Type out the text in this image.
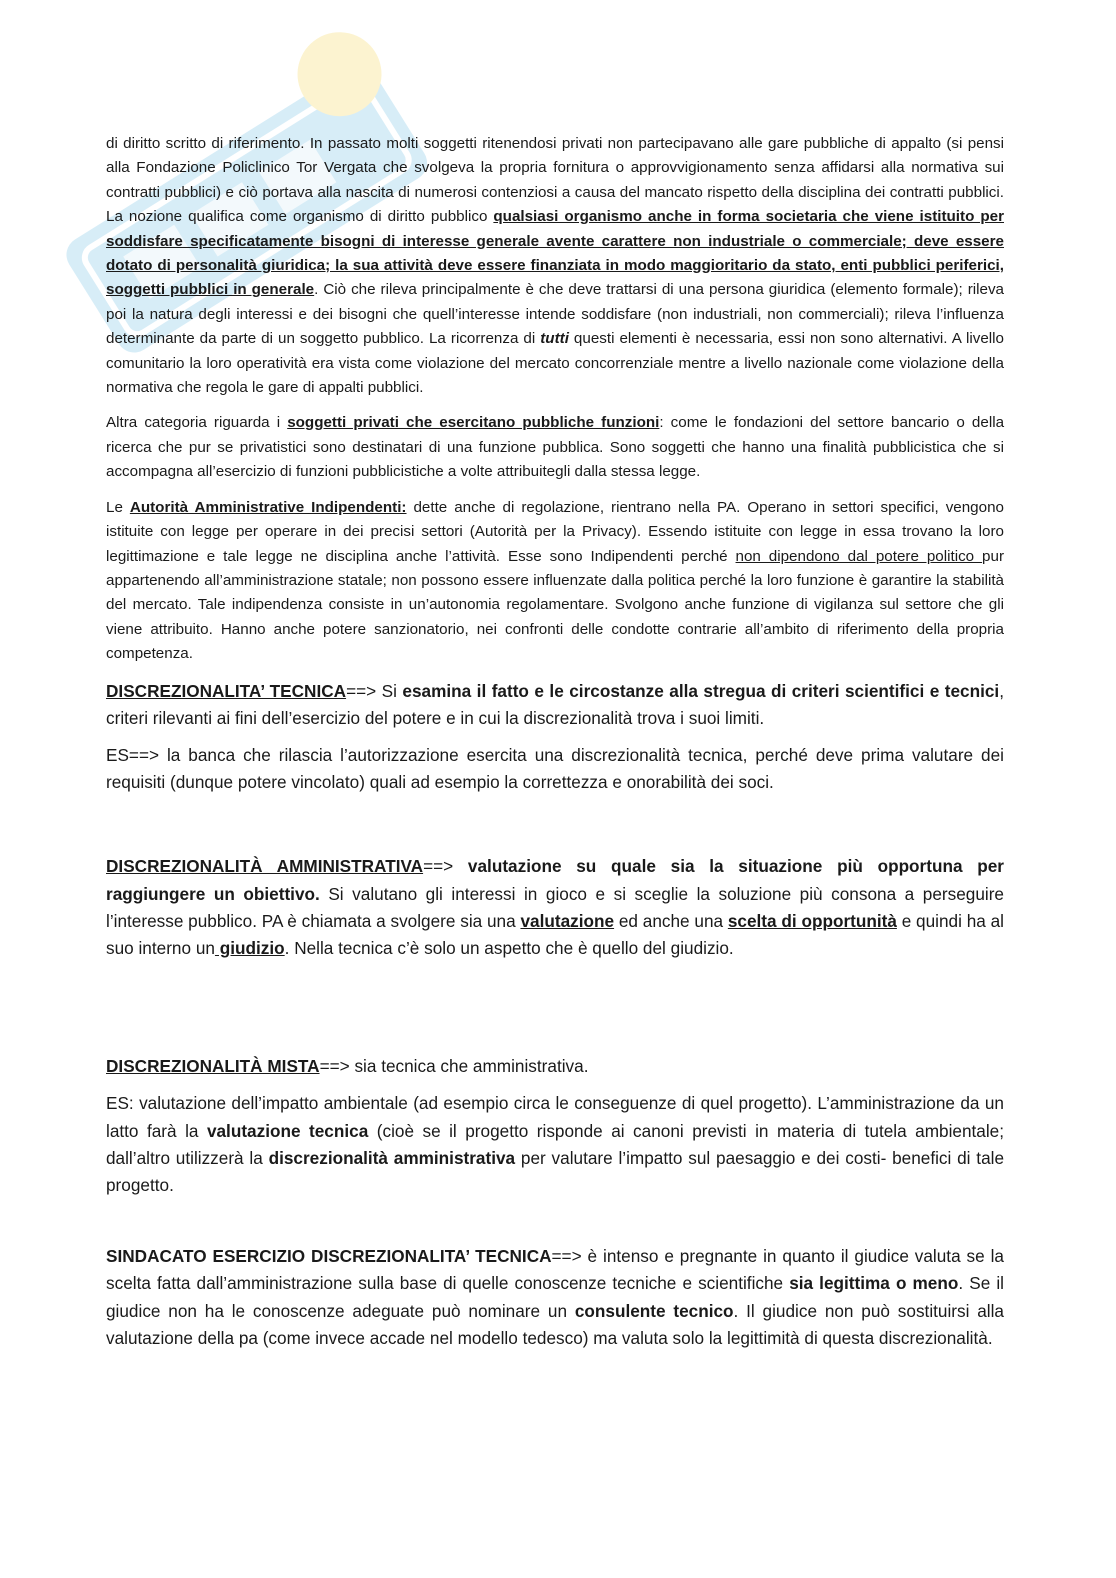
di diritto scritto di riferimento. In passato molti soggetti ritenendosi privati non partecipavano alle gare pubbliche di appalto (si pensi alla Fondazione Policlinico Tor Vergata che svolgeva la propria fornitura o approvvigionamento senza affidarsi alla normativa sui contratti pubblici) e ciò portava alla nascita di numerosi contenziosi a causa del mancato rispetto della disciplina dei contratti pubblici. La nozione qualifica come organismo di diritto pubblico qualsiasi organismo anche in forma societaria che viene istituito per soddisfare specificatamente bisogni di interesse generale avente carattere non industriale o commerciale; deve essere dotato di personalità giuridica; la sua attività deve essere finanziata in modo maggioritario da stato, enti pubblici periferici, soggetti pubblici in generale. Ciò che rileva principalmente è che deve trattarsi di una persona giuridica (elemento formale); rileva poi la natura degli interessi e dei bisogni che quell’interesse intende soddisfare (non industriali, non commerciali); rileva l’influenza determinante da parte di un soggetto pubblico. La ricorrenza di tutti questi elementi è necessaria, essi non sono alternativi. A livello comunitario la loro operatività era vista come violazione del mercato concorrenziale mentre a livello nazionale come violazione della normativa che regola le gare di appalti pubblici.

Altra categoria riguarda i soggetti privati che esercitano pubbliche funzioni: come le fondazioni del settore bancario o della ricerca che pur se privatistici sono destinatari di una funzione pubblica. Sono soggetti che hanno una finalità pubblicistica che si accompagna all’esercizio di funzioni pubblicistiche a volte attribuitegli dalla stessa legge.

Le Autorità Amministrative Indipendenti: dette anche di regolazione, rientrano nella PA. Operano in settori specifici, vengono istituite con legge per operare in dei precisi settori (Autorità per la Privacy). Essendo istituite con legge in essa trovano la loro legittimazione e tale legge ne disciplina anche l’attività. Esse sono Indipendenti perché non dipendono dal potere politico pur appartenendo all’amministrazione statale; non possono essere influenzate dalla politica perché la loro funzione è garantire la stabilità del mercato. Tale indipendenza consiste in un’autonomia regolamentare. Svolgono anche funzione di vigilanza sul settore che gli viene attribuito. Hanno anche potere sanzionatorio, nei confronti delle condotte contrarie all’ambito di riferimento della propria competenza.

DISCREZIONALITA’ TECNICA==> Si esamina il fatto e le circostanze alla stregua di criteri scientifici e tecnici, criteri rilevanti ai fini dell’esercizio del potere e in cui la discrezionalità trova i suoi limiti.

ES==> la banca che rilascia l’autorizzazione esercita una discrezionalità tecnica, perché deve prima valutare dei requisiti (dunque potere vincolato) quali ad esempio la correttezza e onorabilità dei soci.

DISCREZIONALITÀ AMMINISTRATIVA==> valutazione su quale sia la situazione più opportuna per raggiungere un obiettivo. Si valutano gli interessi in gioco e si sceglie la soluzione più consona a perseguire l’interesse pubblico. PA è chiamata a svolgere sia una valutazione ed anche una scelta di opportunità e quindi ha al suo interno un giudizio. Nella tecnica c’è solo un aspetto che è quello del giudizio.

DISCREZIONALITÀ MISTA==> sia tecnica che amministrativa.

ES: valutazione dell’impatto ambientale (ad esempio circa le conseguenze di quel progetto). L’amministrazione da un latto farà la valutazione tecnica (cioè se il progetto risponde ai canoni previsti in materia di tutela ambientale; dall’altro utilizzerà la discrezionalità amministrativa per valutare l’impatto sul paesaggio e dei costi- benefici di tale progetto.

SINDACATO ESERCIZIO DISCREZIONALITA’ TECNICA==> è intenso e pregnante in quanto il giudice valuta se la scelta fatta dall’amministrazione sulla base di quelle conoscenze tecniche e scientifiche sia legittima o meno. Se il giudice non ha le conoscenze adeguate può nominare un consulente tecnico. Il giudice non può sostituirsi alla valutazione della pa (come invece accade nel modello tedesco) ma valuta solo la legittimità di questa discrezionalità.
